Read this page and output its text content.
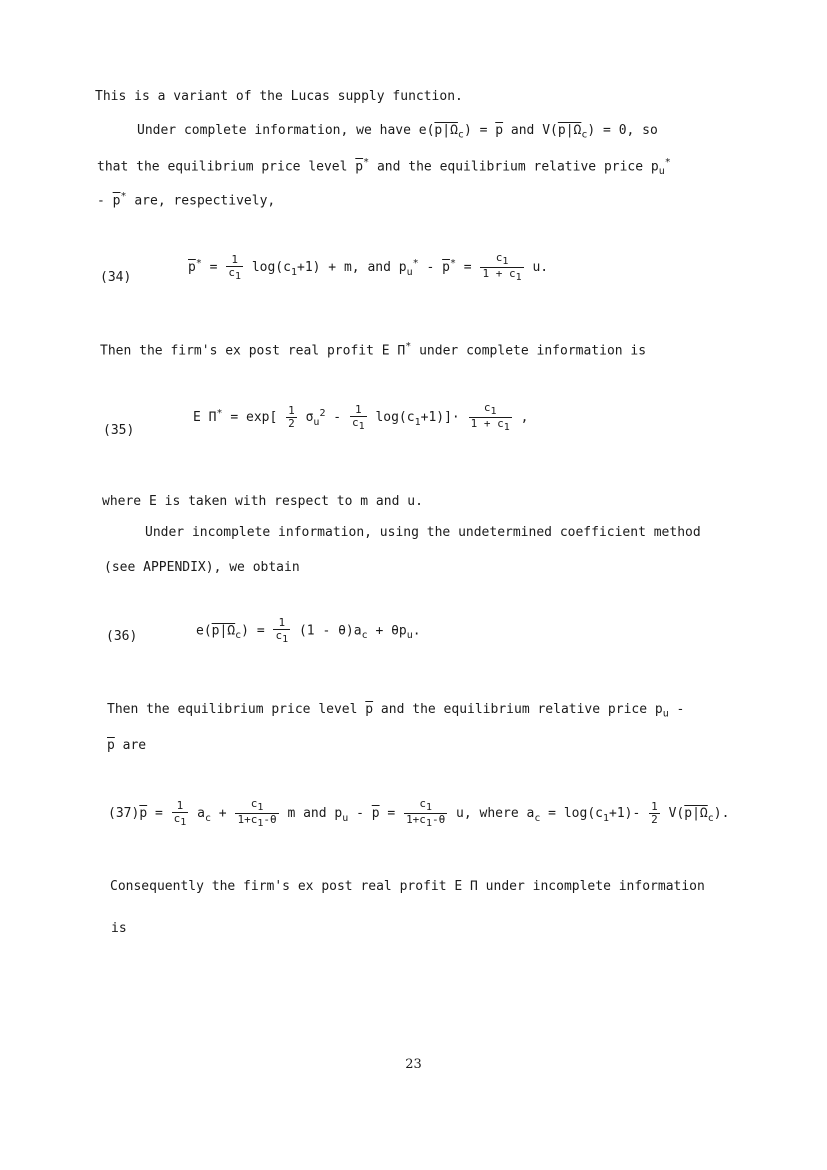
This is a variant of the Lucas supply function.
Under complete information, we have $e(p|\Omega_c) = \overline{p}$ and $V(p|\Omega_c) = 0$, so
that the equilibrium price level $\overline{p}^*$ and the equilibrium relative price $p_u^*$
- $\overline{p}^*$ are, respectively,
(34)
$\overline{p}^* = \frac{1}{c_1} \log(c_1+1) + m$, and $p_u^* - \overline{p}^* = \frac{c_1}{1 + c_1} u$.
Then the firm's ex post real profit E Π* under complete information is
(35)
E $\Pi^* = \exp[ \frac{1}{2} \sigma_u^2 - \frac{1}{c_1} \log(c_1+1)]\cdot \frac{c_1}{1 + c_1}$ ,
where E is taken with respect to m and u.
Under incomplete information, using the undetermined coefficient method
(see APPENDIX), we obtain
(36)	$e(p|\Omega_c) = \frac{1}{c_1} (1 - \theta)a_c + \theta p_u$.
Then the equilibrium price level $\overline{p}$ and the equilibrium relative price $p_u$ -
$\overline{p}$ are
$(37)\overline{p} = \frac{1}{c_1} a_c + \frac{c_1}{1+c_1-\theta}$ m and $p_u - \overline{p} = \frac{c_1}{1+c_1-\theta} u$, where $a_c = \log(c_1+1)- \frac{1}{2} V(p|\Omega_c)$.
Consequently the firm's ex post real profit E Π under incomplete information
is
23
